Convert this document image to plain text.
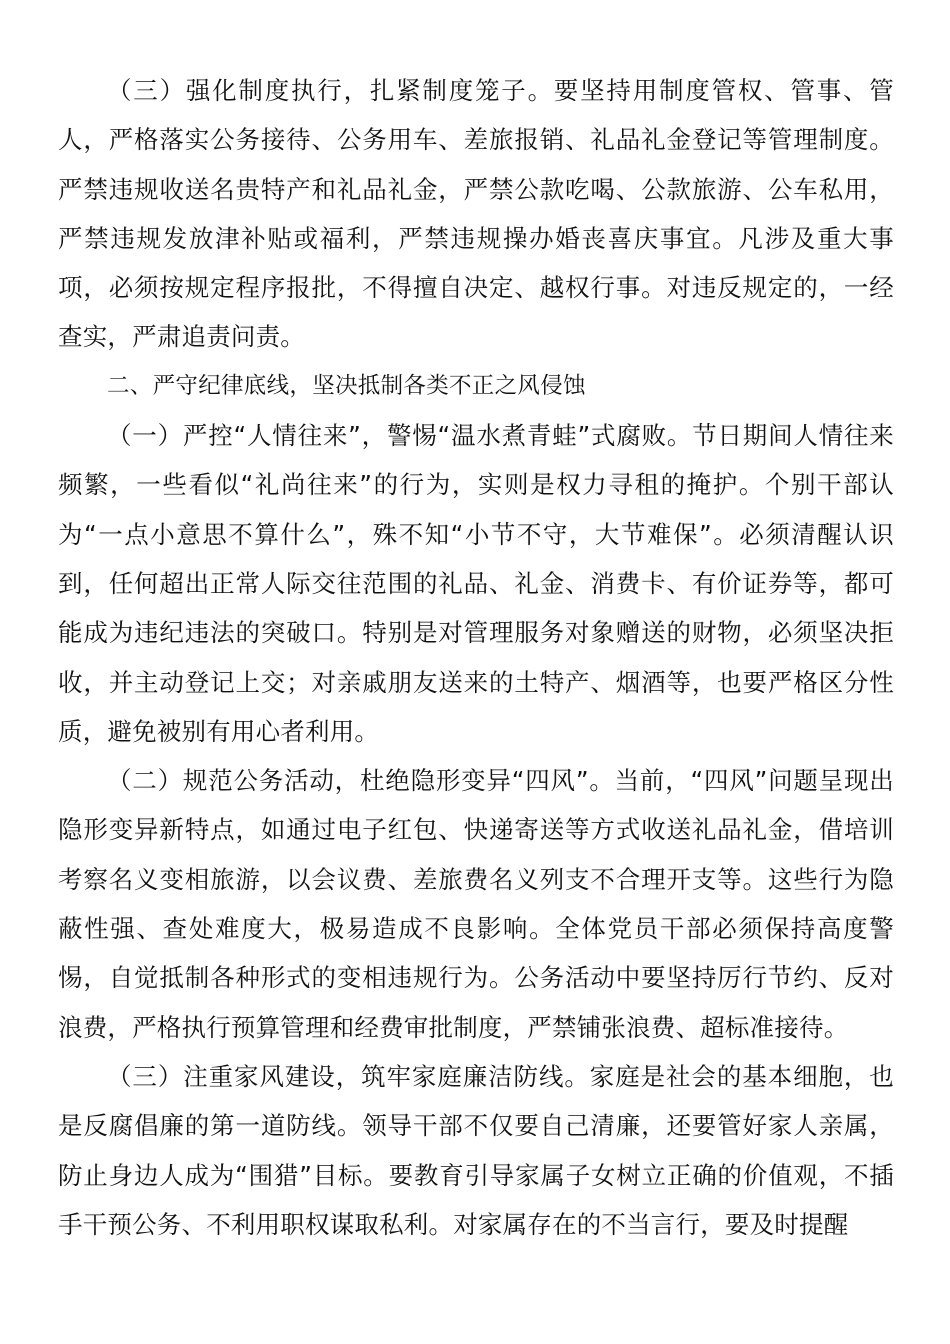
（三）强化制度执行，扎紧制度笼子。要坚持用制度管权、管事、管人，严格落实公务接待、公务用车、差旅报销、礼品礼金登记等管理制度。严禁违规收送名贵特产和礼品礼金，严禁公款吃喝、公款旅游、公车私用，严禁违规发放津补贴或福利，严禁违规操办婚丧喜庆事宜。凡涉及重大事项，必须按规定程序报批，不得擅自决定、越权行事。对违反规定的，一经查实，严肃追责问责。

二、严守纪律底线，坚决抵制各类不正之风侵蚀

（一）严控“人情往来”，警惕“温水煮青蛙”式腐败。节日期间人情往来频繁，一些看似“礼尚往来”的行为，实则是权力寻租的掩护。个别干部认为“一点小意思不算什么”，殊不知“小节不守，大节难保”。必须清醒认识到，任何超出正常人际交往范围的礼品、礼金、消费卡、有价证券等，都可能成为违纪违法的突破口。特别是对管理服务对象赠送的财物，必须坚决拒收，并主动登记上交；对亲戚朋友送来的土特产、烟酒等，也要严格区分性质，避免被别有用心者利用。

（二）规范公务活动，杜绝隐形变异“四风”。当前，“四风”问题呈现出隐形变异新特点，如通过电子红包、快递寄送等方式收送礼品礼金，借培训考察名义变相旅游，以会议费、差旅费名义列支不合理开支等。这些行为隐蔽性强、查处难度大，极易造成不良影响。全体党员干部必须保持高度警惕，自觉抵制各种形式的变相违规行为。公务活动中要坚持厉行节约、反对浪费，严格执行预算管理和经费审批制度，严禁铺张浪费、超标准接待。

（三）注重家风建设，筑牢家庭廉洁防线。家庭是社会的基本细胞，也是反腐倡廉的第一道防线。领导干部不仅要自己清廉，还要管好家人亲属，防止身边人成为“围猎”目标。要教育引导家属子女树立正确的价值观，不插手干预公务、不利用职权谋取私利。对家属存在的不当言行，要及时提醒
